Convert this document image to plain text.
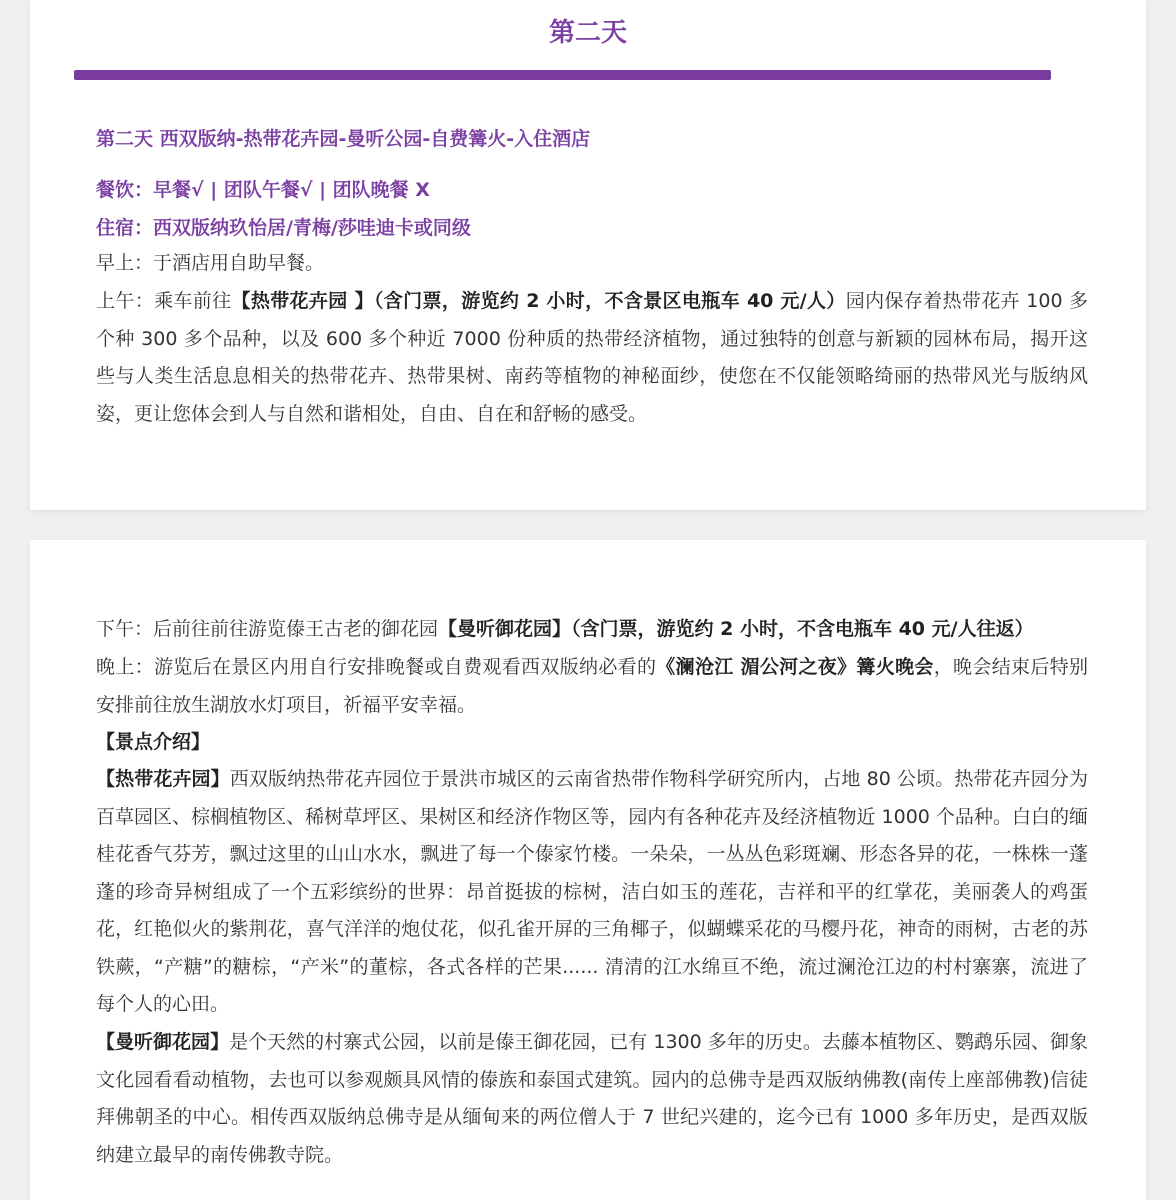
第二天
第二天 西双版纳-热带花卉园-曼听公园-自费篝火-入住酒店
餐饮：早餐√ | 团队午餐√ | 团队晚餐 X
住宿：西双版纳玖怡居/青梅/莎哇迪卡或同级
早上：于酒店用自助早餐。
上午：乘车前往【热带花卉园 】（含门票，游览约 2 小时，不含景区电瓶车 40 元/人）园内保存着热带花卉 100 多个种 300 多个品种，以及 600 多个种近 7000 份种质的热带经济植物，通过独特的创意与新颖的园林布局，揭开这些与人类生活息息相关的热带花卉、热带果树、南药等植物的神秘面纱，使您在不仅能领略绮丽的热带风光与版纳风姿，更让您体会到人与自然和谐相处，自由、自在和舒畅的感受。
下午：后前往前往游览傣王古老的御花园【曼听御花园】（含门票，游览约 2 小时，不含电瓶车 40 元/人往返）
晚上：游览后在景区内用自行安排晚餐或自费观看西双版纳必看的《澜沧江 湄公河之夜》篝火晚会，晚会结束后特别安排前往放生湖放水灯项目，祈福平安幸福。
【景点介绍】
【热带花卉园】西双版纳热带花卉园位于景洪市城区的云南省热带作物科学研究所内，占地 80 公顷。热带花卉园分为百草园区、棕榈植物区、稀树草坪区、果树区和经济作物区等，园内有各种花卉及经济植物近 1000 个品种。白白的缅桂花香气芬芳，飘过这里的山山水水，飘进了每一个傣家竹楼。一朵朵，一丛丛色彩斑斓、形态各异的花，一株株一蓬蓬的珍奇异树组成了一个五彩缤纷的世界：昂首挺拔的棕树，洁白如玉的莲花，吉祥和平的红掌花，美丽袭人的鸡蛋花，红艳似火的紫荆花，喜气洋洋的炮仗花，似孔雀开屏的三角椰子，似蝴蝶采花的马樱丹花，神奇的雨树，古老的苏铁蕨，“产糖”的糖棕，“产米”的董棕，各式各样的芒果...... 清清的江水绵亘不绝，流过澜沧江边的村村寨寨，流进了每个人的心田。
【曼听御花园】是个天然的村寨式公园，以前是傣王御花园，已有 1300 多年的历史。去藤本植物区、鹦鹉乐园、御象文化园看看动植物，去也可以参观颇具风情的傣族和泰国式建筑。园内的总佛寺是西双版纳佛教(南传上座部佛教)信徒拜佛朝圣的中心。相传西双版纳总佛寺是从缅甸来的两位僧人于 7 世纪兴建的，迄今已有 1000 多年历史，是西双版纳建立最早的南传佛教寺院。
